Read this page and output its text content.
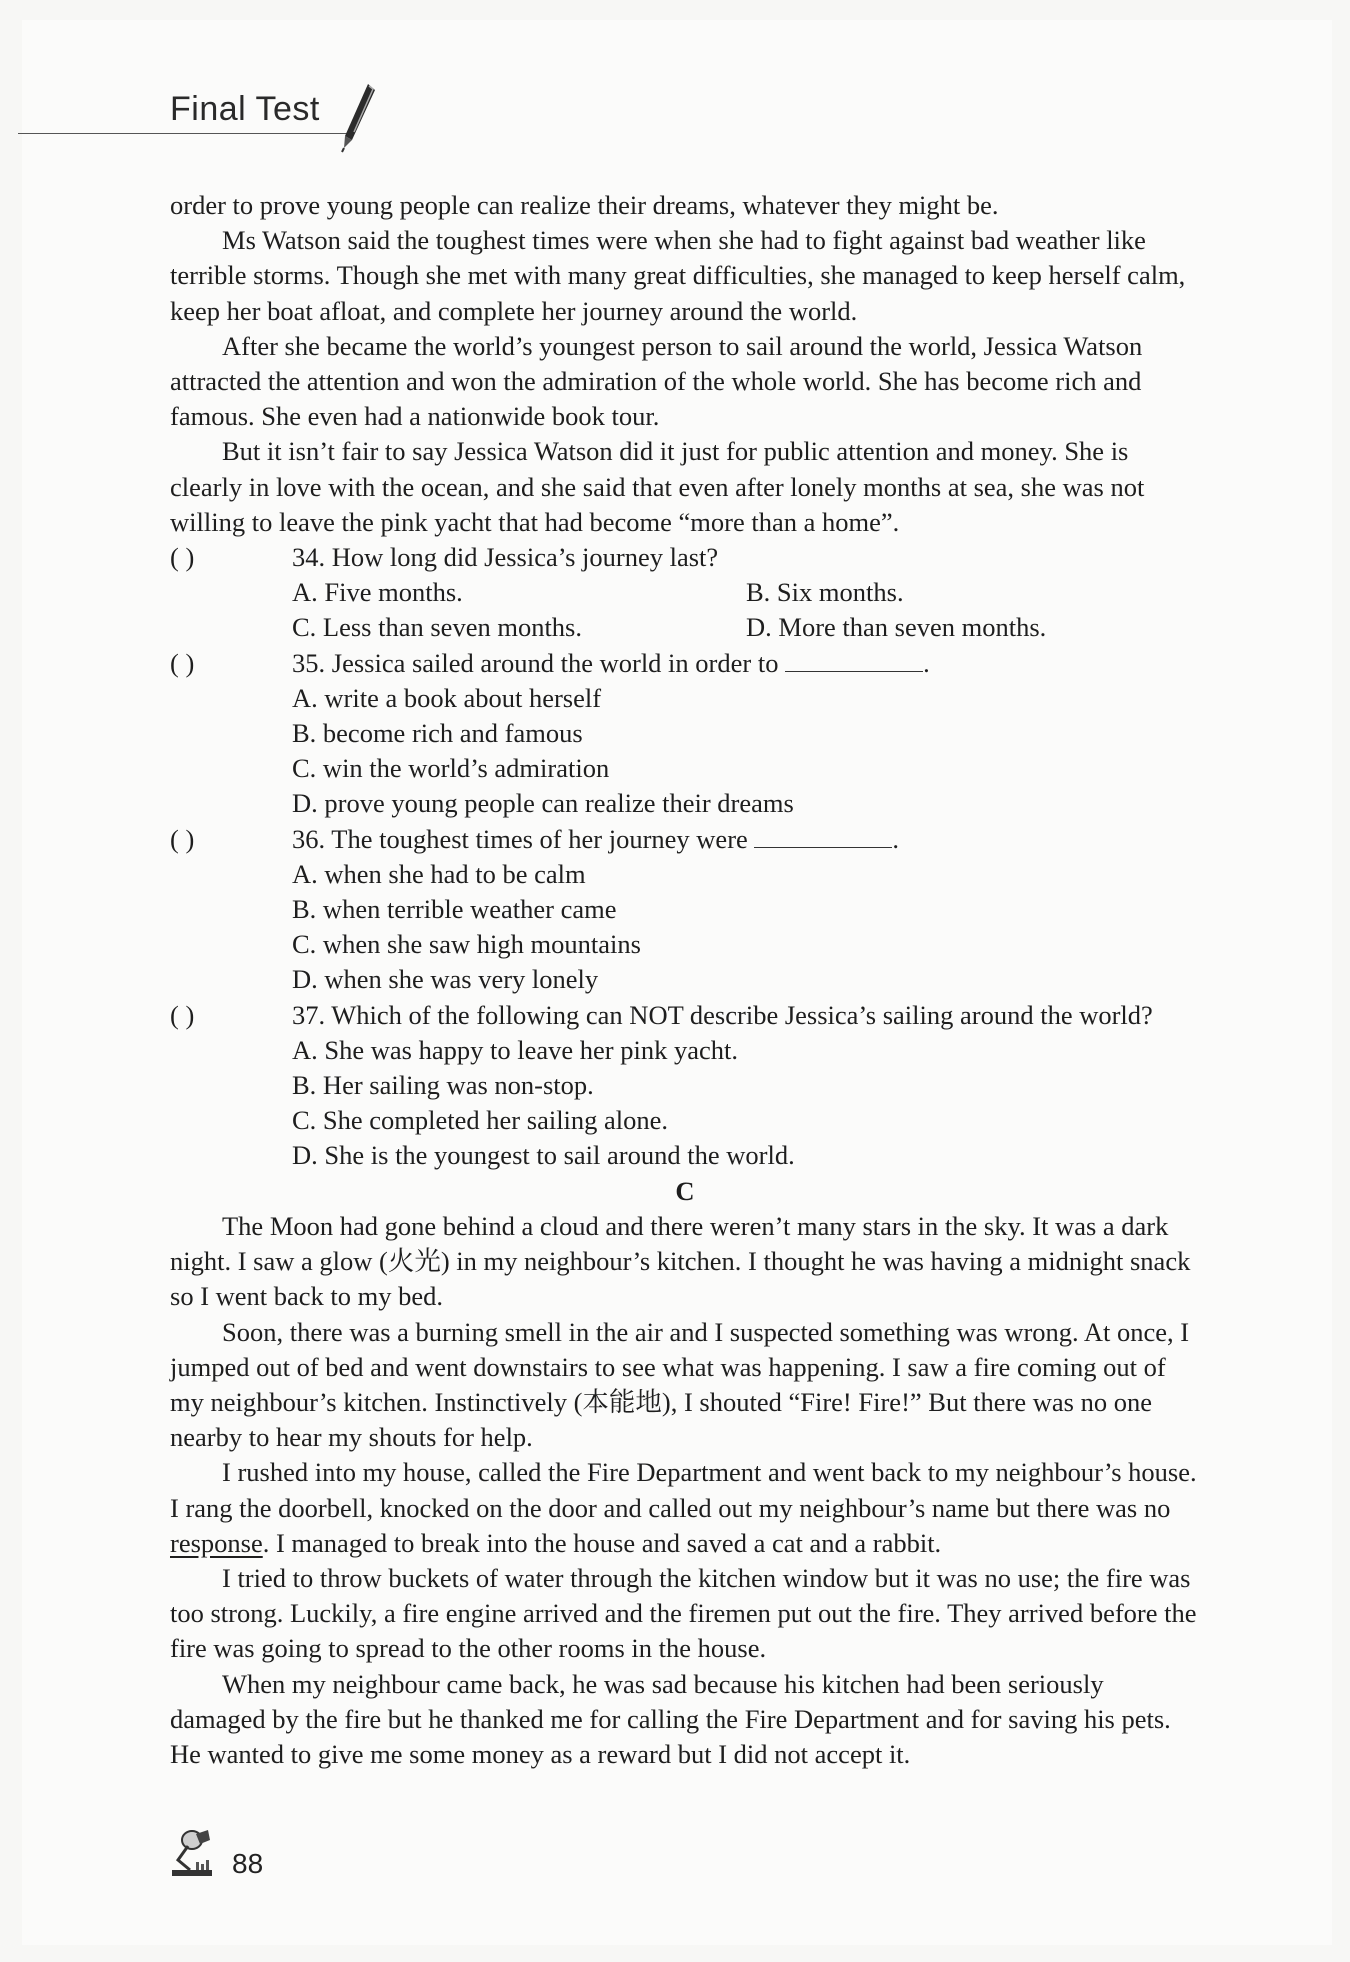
Final Test

order to prove young people can realize their dreams, whatever they might be.

Ms Watson said the toughest times were when she had to fight against bad weather like terrible storms. Though she met with many great difficulties, she managed to keep herself calm, keep her boat afloat, and complete her journey around the world.

After she became the world’s youngest person to sail around the world, Jessica Watson attracted the attention and won the admiration of the whole world. She has become rich and famous. She even had a nationwide book tour.

But it isn’t fair to say Jessica Watson did it just for public attention and money. She is clearly in love with the ocean, and she said that even after lonely months at sea, she was not willing to leave the pink yacht that had become “more than a home”.

( )	34. How long did Jessica’s journey last?

A. Five months.	B. Six months.
C. Less than seven months.	D. More than seven months.

( )	35. Jessica sailed around the world in order to	.

A. write a book about herself

B. become rich and famous

C. win the world’s admiration

D. prove young people can realize their dreams

( )	36. The toughest times of her journey were	.

A. when she had to be calm

B. when terrible weather came

C. when she saw high mountains

D. when she was very lonely

( )	37. Which of the following can NOT describe Jessica’s sailing around the world?

A. She was happy to leave her pink yacht.

B. Her sailing was non-stop.

C. She completed her sailing alone.

D. She is the youngest to sail around the world.

C

The Moon had gone behind a cloud and there weren’t many stars in the sky. It was a dark night. I saw a glow (火光) in my neighbour’s kitchen. I thought he was having a midnight snack so I went back to my bed.

Soon, there was a burning smell in the air and I suspected something was wrong. At once, I jumped out of bed and went downstairs to see what was happening. I saw a fire coming out of my neighbour’s kitchen. Instinctively (本能地), I shouted “Fire! Fire!” But there was no one nearby to hear my shouts for help.

I rushed into my house, called the Fire Department and went back to my neighbour’s house. I rang the doorbell, knocked on the door and called out my neighbour’s name but there was no response. I managed to break into the house and saved a cat and a rabbit.

I tried to throw buckets of water through the kitchen window but it was no use; the fire was too strong. Luckily, a fire engine arrived and the firemen put out the fire. They arrived before the fire was going to spread to the other rooms in the house.

When my neighbour came back, he was sad because his kitchen had been seriously damaged by the fire but he thanked me for calling the Fire Department and for saving his pets. He wanted to give me some money as a reward but I did not accept it.

88
